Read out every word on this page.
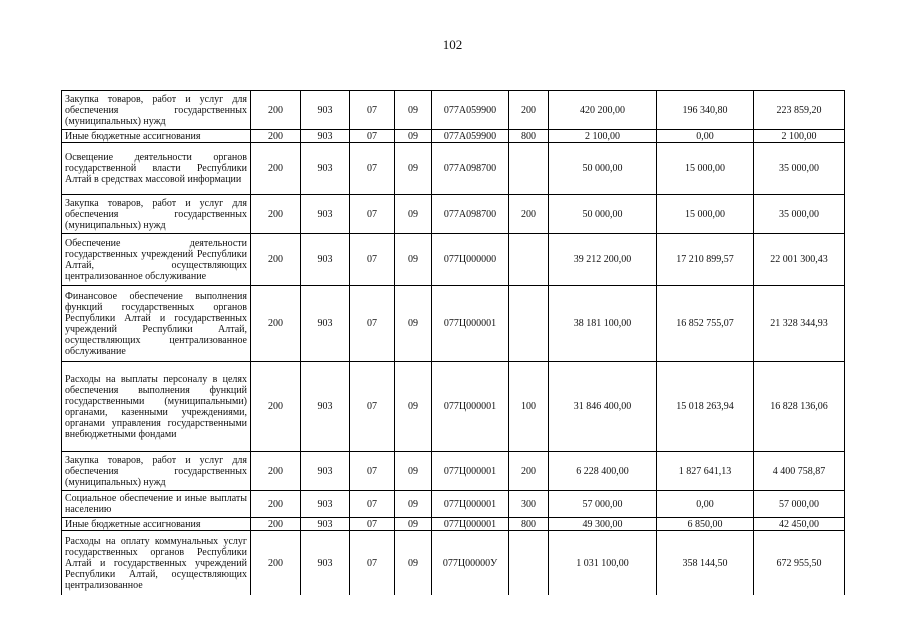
102
Закупка товаров, работ и услуг для обеспечения государственных (муниципальных) нужд	200	903	07	09	077А059900	200	420 200,00	196 340,80	223 859,20
Иные бюджетные ассигнования	200	903	07	09	077А059900	800	2 100,00	0,00	2 100,00
Освещение деятельности органов государственной власти Республики Алтай в средствах массовой информации	200	903	07	09	077А098700		50 000,00	15 000,00	35 000,00
Закупка товаров, работ и услуг для обеспечения государственных (муниципальных) нужд	200	903	07	09	077А098700	200	50 000,00	15 000,00	35 000,00
Обеспечение деятельности государственных учреждений Республики Алтай, осуществляющих централизованное обслуживание	200	903	07	09	077Ц000000		39 212 200,00	17 210 899,57	22 001 300,43
Финансовое обеспечение выполнения функций государственных органов Республики Алтай и государственных учреждений Республики Алтай, осуществляющих централизованное обслуживание	200	903	07	09	077Ц000001		38 181 100,00	16 852 755,07	21 328 344,93
Расходы на выплаты персоналу в целях обеспечения выполнения функций государственными (муниципальными) органами, казенными учреждениями, органами управления государственными внебюджетными фондами	200	903	07	09	077Ц000001	100	31 846 400,00	15 018 263,94	16 828 136,06
Закупка товаров, работ и услуг для обеспечения государственных (муниципальных) нужд	200	903	07	09	077Ц000001	200	6 228 400,00	1 827 641,13	4 400 758,87
Социальное обеспечение и иные выплаты населению	200	903	07	09	077Ц000001	300	57 000,00	0,00	57 000,00
Иные бюджетные ассигнования	200	903	07	09	077Ц000001	800	49 300,00	6 850,00	42 450,00
Расходы на оплату коммунальных услуг государственных органов Республики Алтай и государственных учреждений Республики Алтай, осуществляющих централизованное	200	903	07	09	077Ц00000У		1 031 100,00	358 144,50	672 955,50
